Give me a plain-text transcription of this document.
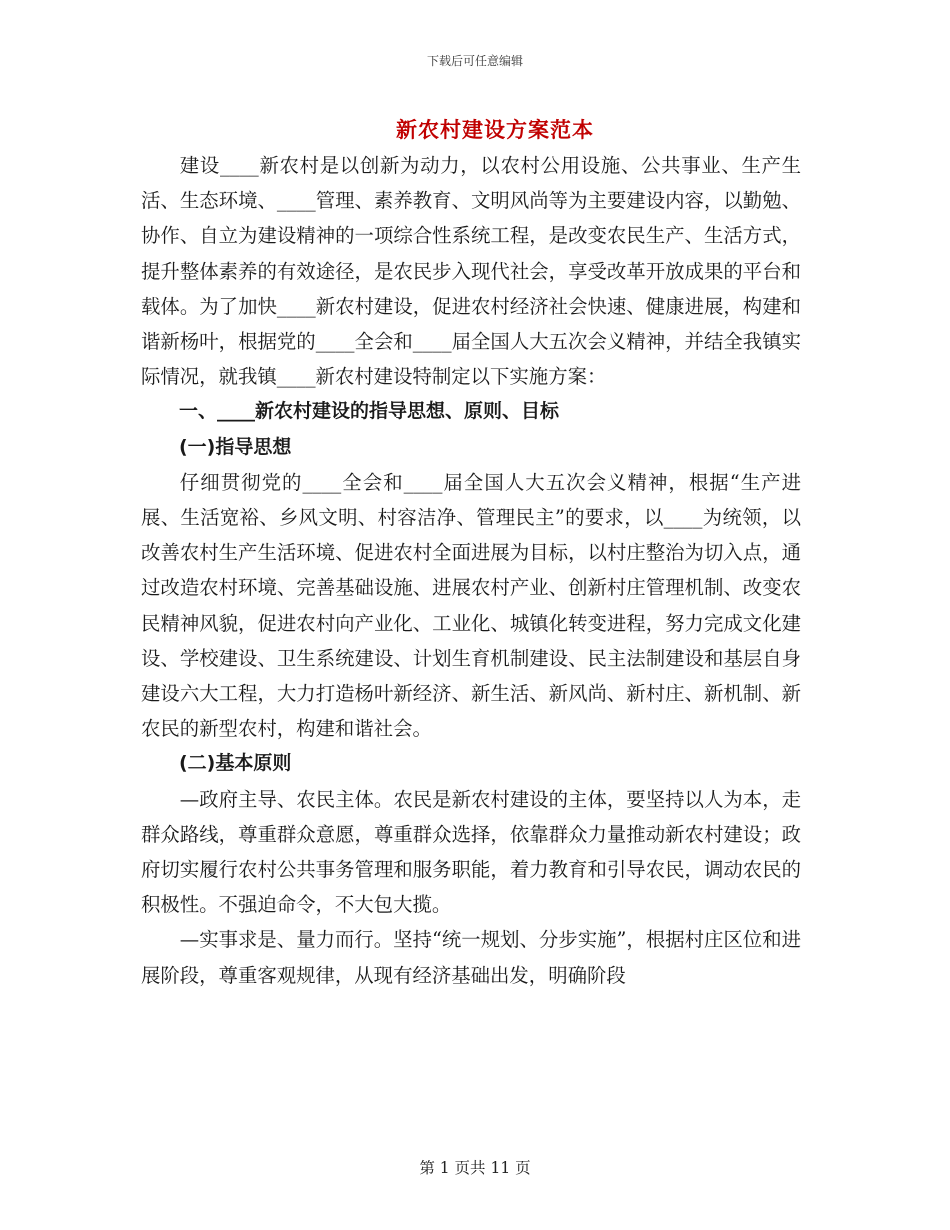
下载后可任意编辑
新农村建设方案范本

建设____新农村是以创新为动力，以农村公用设施、公共事业、生产生活、生态环境、____管理、素养教育、文明风尚等为主要建设内容，以勤勉、协作、自立为建设精神的一项综合性系统工程，是改变农民生产、生活方式，提升整体素养的有效途径，是农民步入现代社会，享受改革开放成果的平台和载体。为了加快____新农村建设，促进农村经济社会快速、健康进展，构建和谐新杨叶，根据党的____全会和____届全国人大五次会义精神，并结全我镇实际情况，就我镇____新农村建设特制定以下实施方案：

一、____新农村建设的指导思想、原则、目标

(一)指导思想

仔细贯彻党的____全会和____届全国人大五次会义精神，根据“生产进展、生活宽裕、乡风文明、村容洁净、管理民主”的要求，以____为统领，以改善农村生产生活环境、促进农村全面进展为目标，以村庄整治为切入点，通过改造农村环境、完善基础设施、进展农村产业、创新村庄管理机制、改变农民精神风貌，促进农村向产业化、工业化、城镇化转变进程，努力完成文化建设、学校建设、卫生系统建设、计划生育机制建设、民主法制建设和基层自身建设六大工程，大力打造杨叶新经济、新生活、新风尚、新村庄、新机制、新农民的新型农村，构建和谐社会。

(二)基本原则

—政府主导、农民主体。农民是新农村建设的主体，要坚持以人为本，走群众路线，尊重群众意愿，尊重群众选择，依靠群众力量推动新农村建设；政府切实履行农村公共事务管理和服务职能，着力教育和引导农民，调动农民的积极性。不强迫命令，不大包大揽。

—实事求是、量力而行。坚持“统一规划、分步实施”，根据村庄区位和进展阶段，尊重客观规律，从现有经济基础出发，明确阶段

第 1 页共 11 页
